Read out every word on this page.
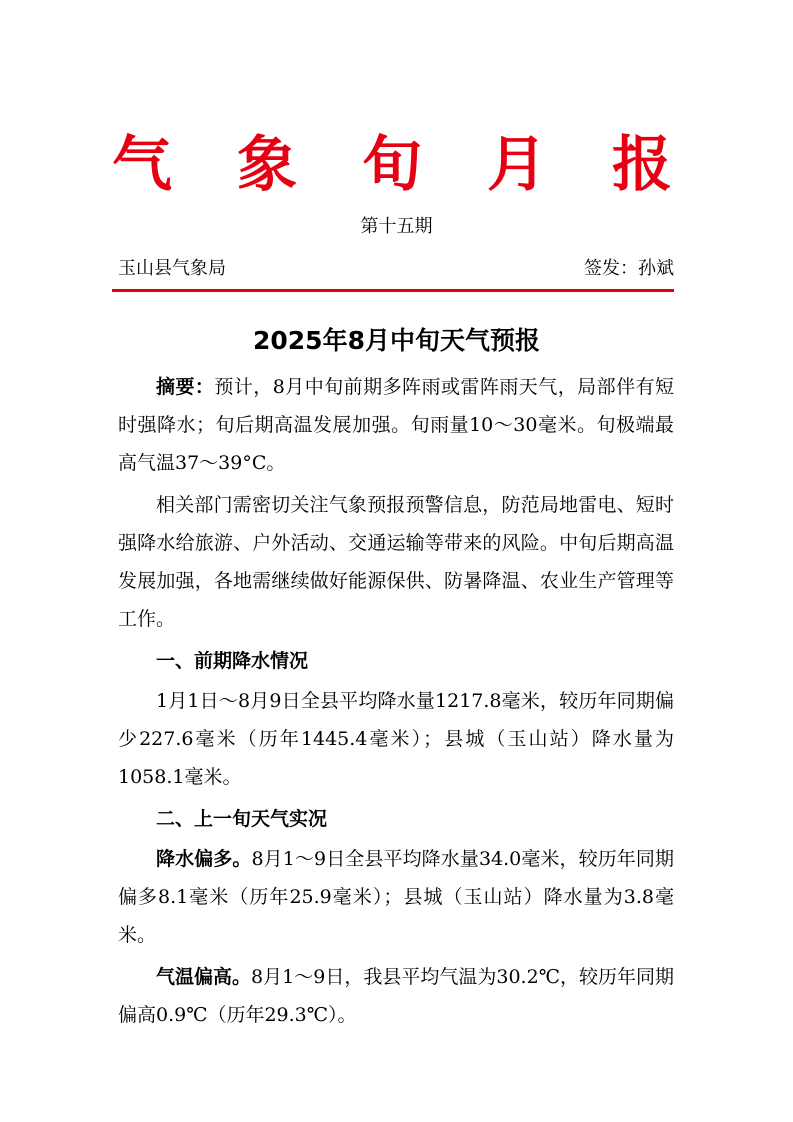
气 象 旬 月 报
第十五期
玉山县气象局	签发：孙斌
2025年8月中旬天气预报

摘要：预计，8月中旬前期多阵雨或雷阵雨天气，局部伴有短时强降水；旬后期高温发展加强。旬雨量10～30毫米。旬极端最高气温37～39°C。

相关部门需密切关注气象预报预警信息，防范局地雷电、短时强降水给旅游、户外活动、交通运输等带来的风险。中旬后期高温发展加强，各地需继续做好能源保供、防暑降温、农业生产管理等工作。

一、前期降水情况

1月1日～8月9日全县平均降水量1217.8毫米，较历年同期偏少227.6毫米（历年1445.4毫米）；县城（玉山站）降水量为1058.1毫米。

二、上一旬天气实况

降水偏多。8月1～9日全县平均降水量34.0毫米，较历年同期偏多8.1毫米（历年25.9毫米）；县城（玉山站）降水量为3.8毫米。

气温偏高。8月1～9日，我县平均气温为30.2℃，较历年同期偏高0.9℃（历年29.3℃）。
